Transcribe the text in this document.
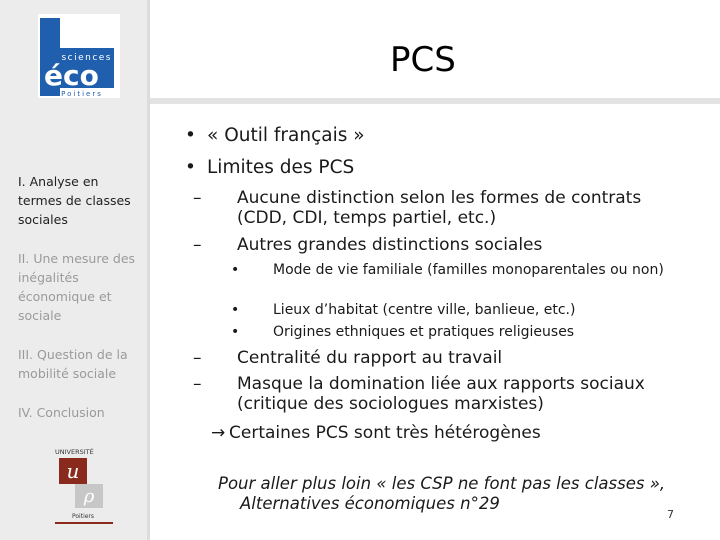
sciences
éco
Poitiers
PCS
I. Analyse en termes de classes sociales
II. Une mesure des inégalités économique et sociale
III. Question de la mobilité sociale
IV. Conclusion
UNIVERSITÉ
u
ρ
Poitiers
• « Outil français »
• Limites des PCS
– Aucune distinction selon les formes de contrats (CDD, CDI, temps partiel, etc.)
– Autres grandes distinctions sociales
• Mode de vie familiale (familles monoparentales ou non)
• Lieux d’habitat (centre ville, banlieue, etc.)
• Origines ethniques et pratiques religieuses
– Centralité du rapport au travail
– Masque la domination liée aux rapports sociaux (critique des sociologues marxistes)
→ Certaines PCS sont très hétérogènes
Pour aller plus loin « les CSP ne font pas les classes »,
Alternatives économiques n°29
7
